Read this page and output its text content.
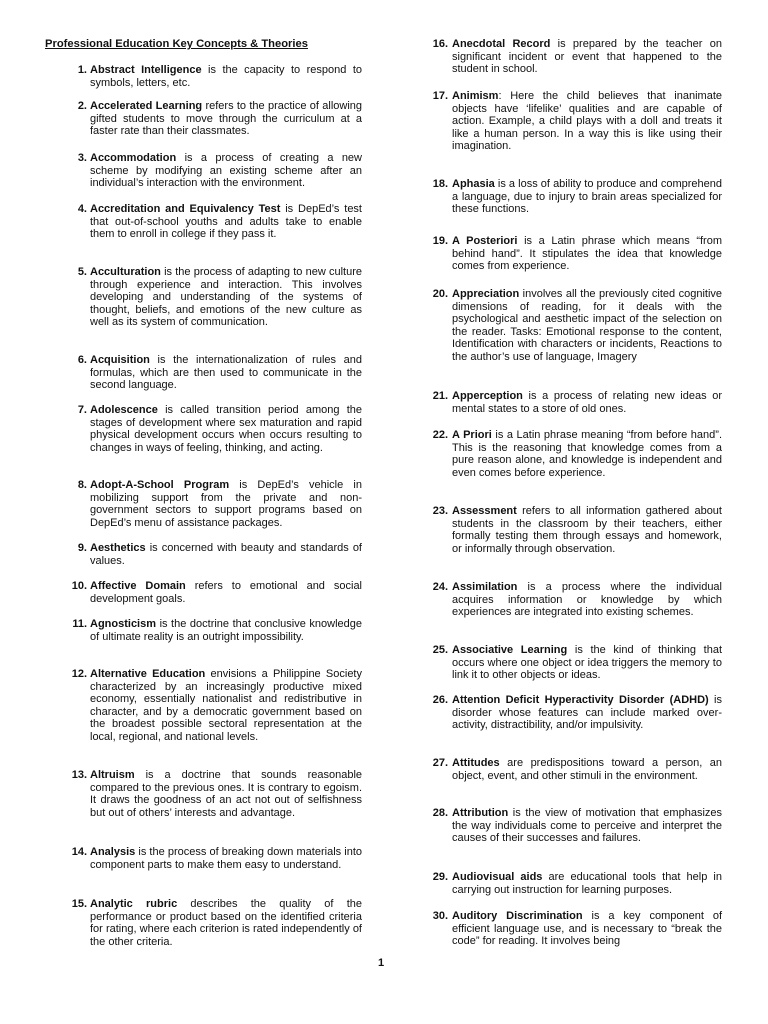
Professional Education Key Concepts & Theories
1. Abstract Intelligence is the capacity to respond to symbols, letters, etc.
2. Accelerated Learning refers to the practice of allowing gifted students to move through the curriculum at a faster rate than their classmates.
3. Accommodation is a process of creating a new scheme by modifying an existing scheme after an individual’s interaction with the environment.
4. Accreditation and Equivalency Test is DepEd’s test that out-of-school youths and adults take to enable them to enroll in college if they pass it.
5. Acculturation is the process of adapting to new culture through experience and interaction. This involves developing and understanding of the systems of thought, beliefs, and emotions of the new culture as well as its system of communication.
6. Acquisition is the internationalization of rules and formulas, which are then used to communicate in the second language.
7. Adolescence is called transition period among the stages of development where sex maturation and rapid physical development occurs when occurs resulting to changes in ways of feeling, thinking, and acting.
8. Adopt-A-School Program is DepEd’s vehicle in mobilizing support from the private and non-government sectors to support programs based on DepEd’s menu of assistance packages.
9. Aesthetics is concerned with beauty and standards of values.
10. Affective Domain refers to emotional and social development goals.
11. Agnosticism is the doctrine that conclusive knowledge of ultimate reality is an outright impossibility.
12. Alternative Education envisions a Philippine Society characterized by an increasingly productive mixed economy, essentially nationalist and redistributive in character, and by a democratic government based on the broadest possible sectoral representation at the local, regional, and national levels.
13. Altruism is a doctrine that sounds reasonable compared to the previous ones. It is contrary to egoism. It draws the goodness of an act not out of selfishness but out of others’ interests and advantage.
14. Analysis is the process of breaking down materials into component parts to make them easy to understand.
15. Analytic rubric describes the quality of the performance or product based on the identified criteria for rating, where each criterion is rated independently of the other criteria.
16. Anecdotal Record is prepared by the teacher on significant incident or event that happened to the student in school.
17. Animism: Here the child believes that inanimate objects have ‘lifelike’ qualities and are capable of action. Example, a child plays with a doll and treats it like a human person. In a way this is like using their imagination.
18. Aphasia is a loss of ability to produce and comprehend a language, due to injury to brain areas specialized for these functions.
19. A Posteriori is a Latin phrase which means “from behind hand”. It stipulates the idea that knowledge comes from experience.
20. Appreciation involves all the previously cited cognitive dimensions of reading, for it deals with the psychological and aesthetic impact of the selection on the reader. Tasks: Emotional response to the content, Identification with characters or incidents, Reactions to the author’s use of language, Imagery
21. Apperception is a process of relating new ideas or mental states to a store of old ones.
22. A Priori is a Latin phrase meaning “from before hand”. This is the reasoning that knowledge comes from a pure reason alone, and knowledge is independent and even comes before experience.
23. Assessment refers to all information gathered about students in the classroom by their teachers, either formally testing them through essays and homework, or informally through observation.
24. Assimilation is a process where the individual acquires information or knowledge by which experiences are integrated into existing schemes.
25. Associative Learning is the kind of thinking that occurs where one object or idea triggers the memory to link it to other objects or ideas.
26. Attention Deficit Hyperactivity Disorder (ADHD) is disorder whose features can include marked over-activity, distractibility, and/or impulsivity.
27. Attitudes are predispositions toward a person, an object, event, and other stimuli in the environment.
28. Attribution is the view of motivation that emphasizes the way individuals come to perceive and interpret the causes of their successes and failures.
29. Audiovisual aids are educational tools that help in carrying out instruction for learning purposes.
30. Auditory Discrimination is a key component of efficient language use, and is necessary to “break the code” for reading. It involves being
1
